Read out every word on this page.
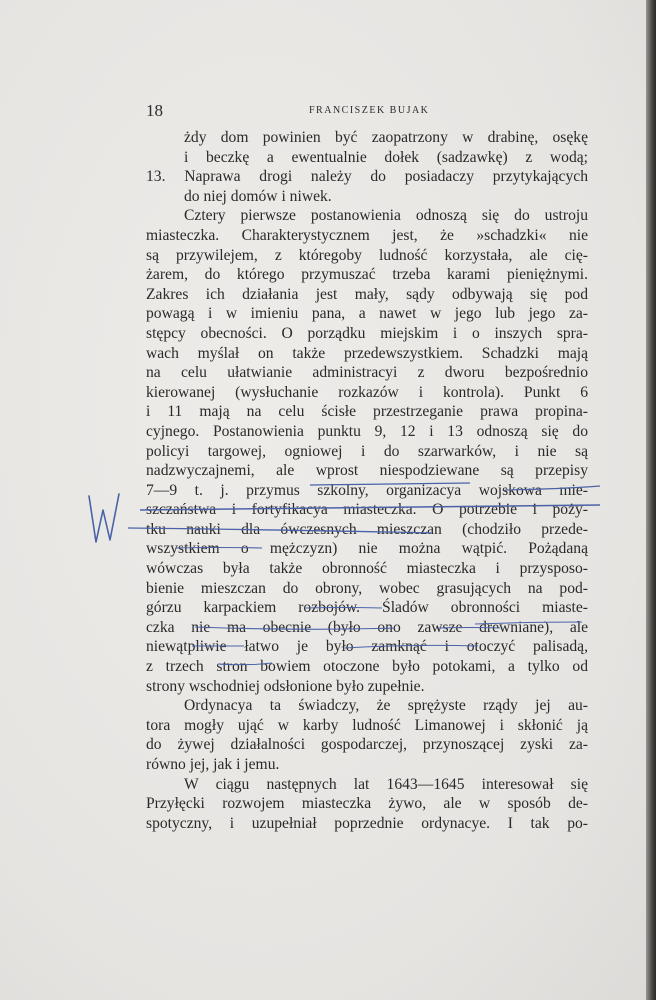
18	FRANCISZEK BUJAK
żdy dom powinien być zaopatrzony w drabinę, osękę
i beczkę a ewentualnie dołek (sadzawkę) z wodą;
13. Naprawa drogi należy do posiadaczy przytykających
do niej domów i niwek.
Cztery pierwsze postanowienia odnoszą się do ustroju
miasteczka. Charakterystycznem jest, że »schadzki« nie
są przywilejem, z któregoby ludność korzystała, ale cię-
żarem, do którego przymuszać trzeba karami pieniężnymi.
Zakres ich działania jest mały, sądy odbywają się pod
powagą i w imieniu pana, a nawet w jego lub jego za-
stępcy obecności. O porządku miejskim i o inszych spra-
wach myślał on także przedewszystkiem. Schadzki mają
na celu ułatwianie administracyi z dworu bezpośrednio
kierowanej (wysłuchanie rozkazów i kontrola). Punkt 6
i 11 mają na celu ścisłe przestrzeganie prawa propina-
cyjnego. Postanowienia punktu 9, 12 i 13 odnoszą się do
policyi targowej, ogniowej i do szarwarków, i nie są
nadzwyczajnemi, ale wprost niespodziewane są przepisy
7—9 t. j. przymus szkolny, organizacya wojskowa mie-
szczaństwa i fortyfikacya miasteczka. O potrzebie i poży-
tku nauki dla ówczesnych mieszczan (chodziło przede-
wszystkiem o mężczyzn) nie można wątpić. Pożądaną
wówczas była także obronność miasteczka i przysposo-
bienie mieszczan do obrony, wobec grasujących na pod-
górzu karpackiem rozbojów. Śladów obronności miaste-
czka nie ma obecnie (było ono zawsze drewniane), ale
niewątpliwie łatwo je było zamknąć i otoczyć palisadą,
z trzech stron bowiem otoczone było potokami, a tylko od
strony wschodniej odsłonione było zupełnie.
Ordynacya ta świadczy, że sprężyste rządy jej au-
tora mogły ująć w karby ludność Limanowej i skłonić ją
do żywej działalności gospodarczej, przynoszącej zyski za-
równo jej, jak i jemu.
W ciągu następnych lat 1643—1645 interesował się
Przyłęcki rozwojem miasteczka żywo, ale w sposób de-
spotyczny, i uzupełniał poprzednie ordynacye. I tak po-
